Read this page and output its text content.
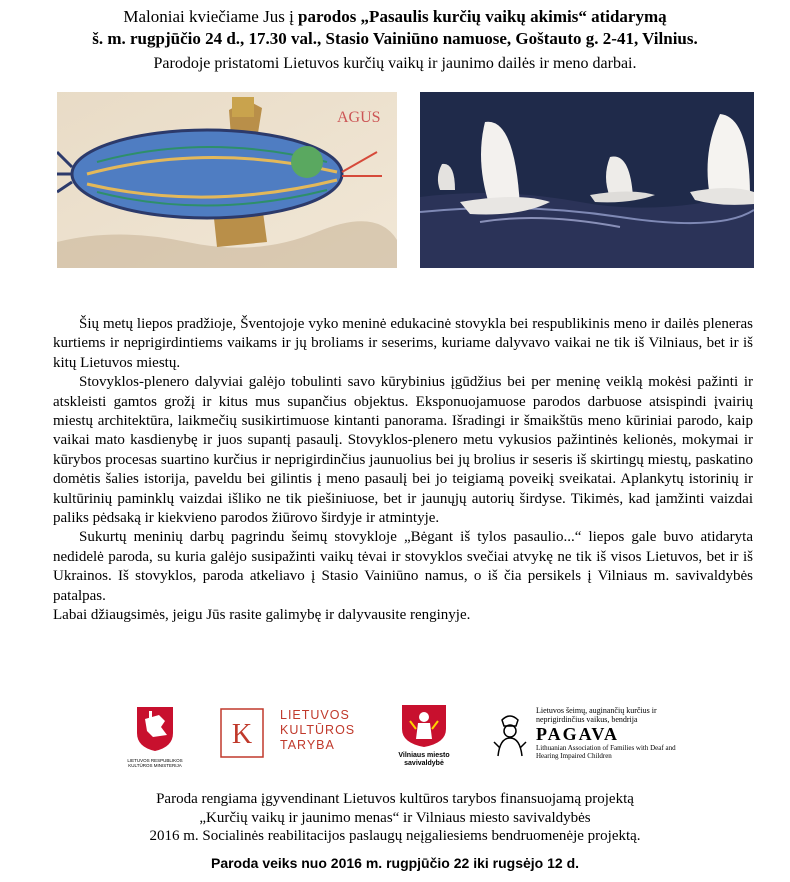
Maloniai kviečiame Jus į parodos „Pasaulis kurčių vaikų akimis“ atidarymą
š. m. rugpjūčio 24 d., 17.30 val., Stasio Vainiūno namuose, Goštauto g. 2-41, Vilnius.
Parodoje pristatomi Lietuvos kurčių vaikų ir jaunimo dailės ir meno darbai.
AGUS

Šių metų liepos pradžioje, Šventojoje vyko meninė edukacinė stovykla bei respublikinis meno ir dailės pleneras kurtiems ir neprigirdintiems vaikams ir jų broliams ir seserims, kuriame dalyvavo vaikai ne tik iš Vilniaus, bet ir iš kitų Lietuvos miestų.

Stovyklos-plenero dalyviai galėjo tobulinti savo kūrybinius įgūdžius bei per meninę veiklą mokėsi pažinti ir atskleisti gamtos grožį ir kitus mus supančius objektus. Eksponuojamuose parodos darbuose atsispindi įvairių miestų architektūra, laikmečių susikirtimuose kintanti panorama. Išradingi ir šmaikštūs meno kūriniai parodo, kaip vaikai mato kasdienybę ir juos supantį pasaulį. Stovyklos-plenero metu vykusios pažintinės kelionės, mokymai ir kūrybos procesas suartino kurčius ir neprigirdinčius jaunuolius bei jų brolius ir seseris iš skirtingų miestų, paskatino domėtis šalies istorija, paveldu bei gilintis į meno pasaulį bei jo teigiamą poveikį sveikatai. Aplankytų istorinių ir kultūrinių paminklų vaizdai išliko ne tik piešiniuose, bet ir jaunųjų autorių širdyse. Tikimės, kad įamžinti vaizdai paliks pėdsaką ir kiekvieno parodos žiūrovo širdyje ir atmintyje.

Sukurtų meninių darbų pagrindu šeimų stovykloje „Bėgant iš tylos pasaulio...“ liepos gale buvo atidaryta nedidelė paroda, su kuria galėjo susipažinti vaikų tėvai ir stovyklos svečiai atvykę ne tik iš visos Lietuvos, bet ir iš Ukrainos. Iš stovyklos, paroda atkeliavo į Stasio Vainiūno namus, o iš čia persikels į Vilniaus m. savivaldybės patalpas.

Labai džiaugsimės, jeigu Jūs rasite galimybę ir dalyvausite renginyje.

LIETUVOS RESPUBLIKOS KULTŪROS MINISTERIJA
K
LIETUVOS
KULTŪROS
TARYBA
Vilniaus miesto
savivaldybė
Lietuvos šeimų, auginančių kurčius ir neprigirdinčius vaikus, bendrija
PAGAVA
Lithuanian Association of Families with Deaf and Hearing Impaired Children
Paroda rengiama įgyvendinant Lietuvos kultūros tarybos finansuojamą projektą
„Kurčių vaikų ir jaunimo menas“ ir Vilniaus miesto savivaldybės
2016 m. Socialinės reabilitacijos paslaugų neįgaliesiems bendruomenėje projektą.
Paroda veiks nuo 2016 m. rugpjūčio 22 iki rugsėjo 12 d.
